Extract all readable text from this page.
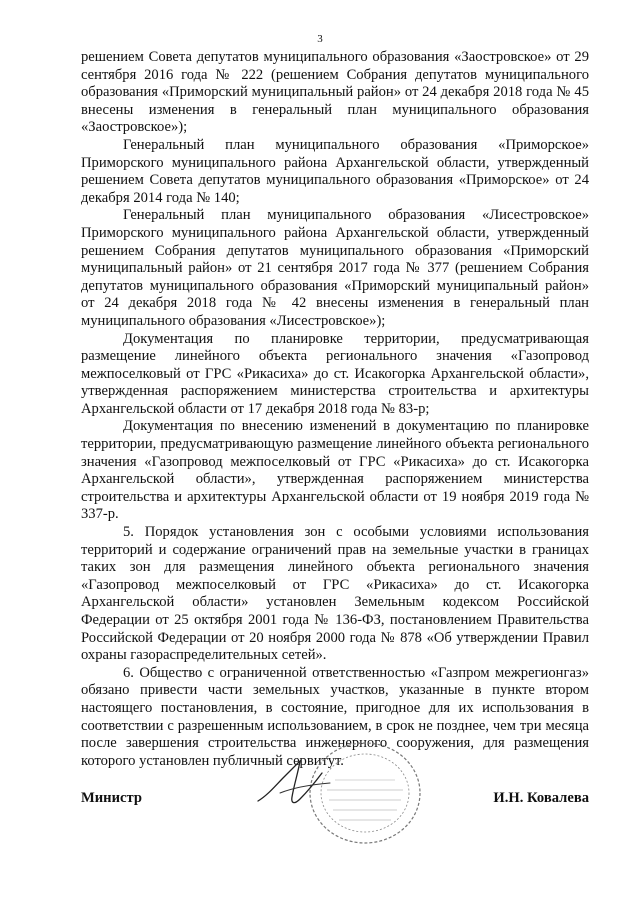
3

решением Совета депутатов муниципального образования «Заостровское» от 29 сентября 2016 года № 222 (решением Собрания депутатов муниципального образования «Приморский муниципальный район» от 24 декабря 2018 года № 45 внесены изменения в генеральный план муниципального образования «Заостровское»);

Генеральный план муниципального образования «Приморское» Приморского муниципального района Архангельской области, утвержденный решением Совета депутатов муниципального образования «Приморское» от 24 декабря 2014 года № 140;

Генеральный план муниципального образования «Лисестровское» Приморского муниципального района Архангельской области, утвержденный решением Собрания депутатов муниципального образования «Приморский муниципальный район» от 21 сентября 2017 года № 377 (решением Собрания депутатов муниципального образования «Приморский муниципальный район» от 24 декабря 2018 года № 42 внесены изменения в генеральный план муниципального образования «Лисестровское»);

Документация по планировке территории, предусматривающая размещение линейного объекта регионального значения «Газопровод межпоселковый от ГРС «Рикасиха» до ст. Исакогорка Архангельской области», утвержденная распоряжением министерства строительства и архитектуры Архангельской области от 17 декабря 2018 года № 83-р;

Документация по внесению изменений в документацию по планировке территории, предусматривающую размещение линейного объекта регионального значения «Газопровод межпоселковый от ГРС «Рикасиха» до ст. Исакогорка Архангельской области», утвержденная распоряжением министерства строительства и архитектуры Архангельской области от 19 ноября 2019 года № 337-р.

5. Порядок установления зон с особыми условиями использования территорий и содержание ограничений прав на земельные участки в границах таких зон для размещения линейного объекта регионального значения «Газопровод межпоселковый от ГРС «Рикасиха» до ст. Исакогорка Архангельской области» установлен Земельным кодексом Российской Федерации от 25 октября 2001 года № 136-ФЗ, постановлением Правительства Российской Федерации от 20 ноября 2000 года № 878 «Об утверждении Правил охраны газораспределительных сетей».

6. Общество с ограниченной ответственностью «Газпром межрегионгаз» обязано привести части земельных участков, указанные в пункте втором настоящего постановления, в состояние, пригодное для их использования в соответствии с разрешенным использованием, в срок не позднее, чем три месяца после завершения строительства инженерного сооружения, для размещения которого установлен публичный сервитут.

Министр	И.Н. Ковалева
